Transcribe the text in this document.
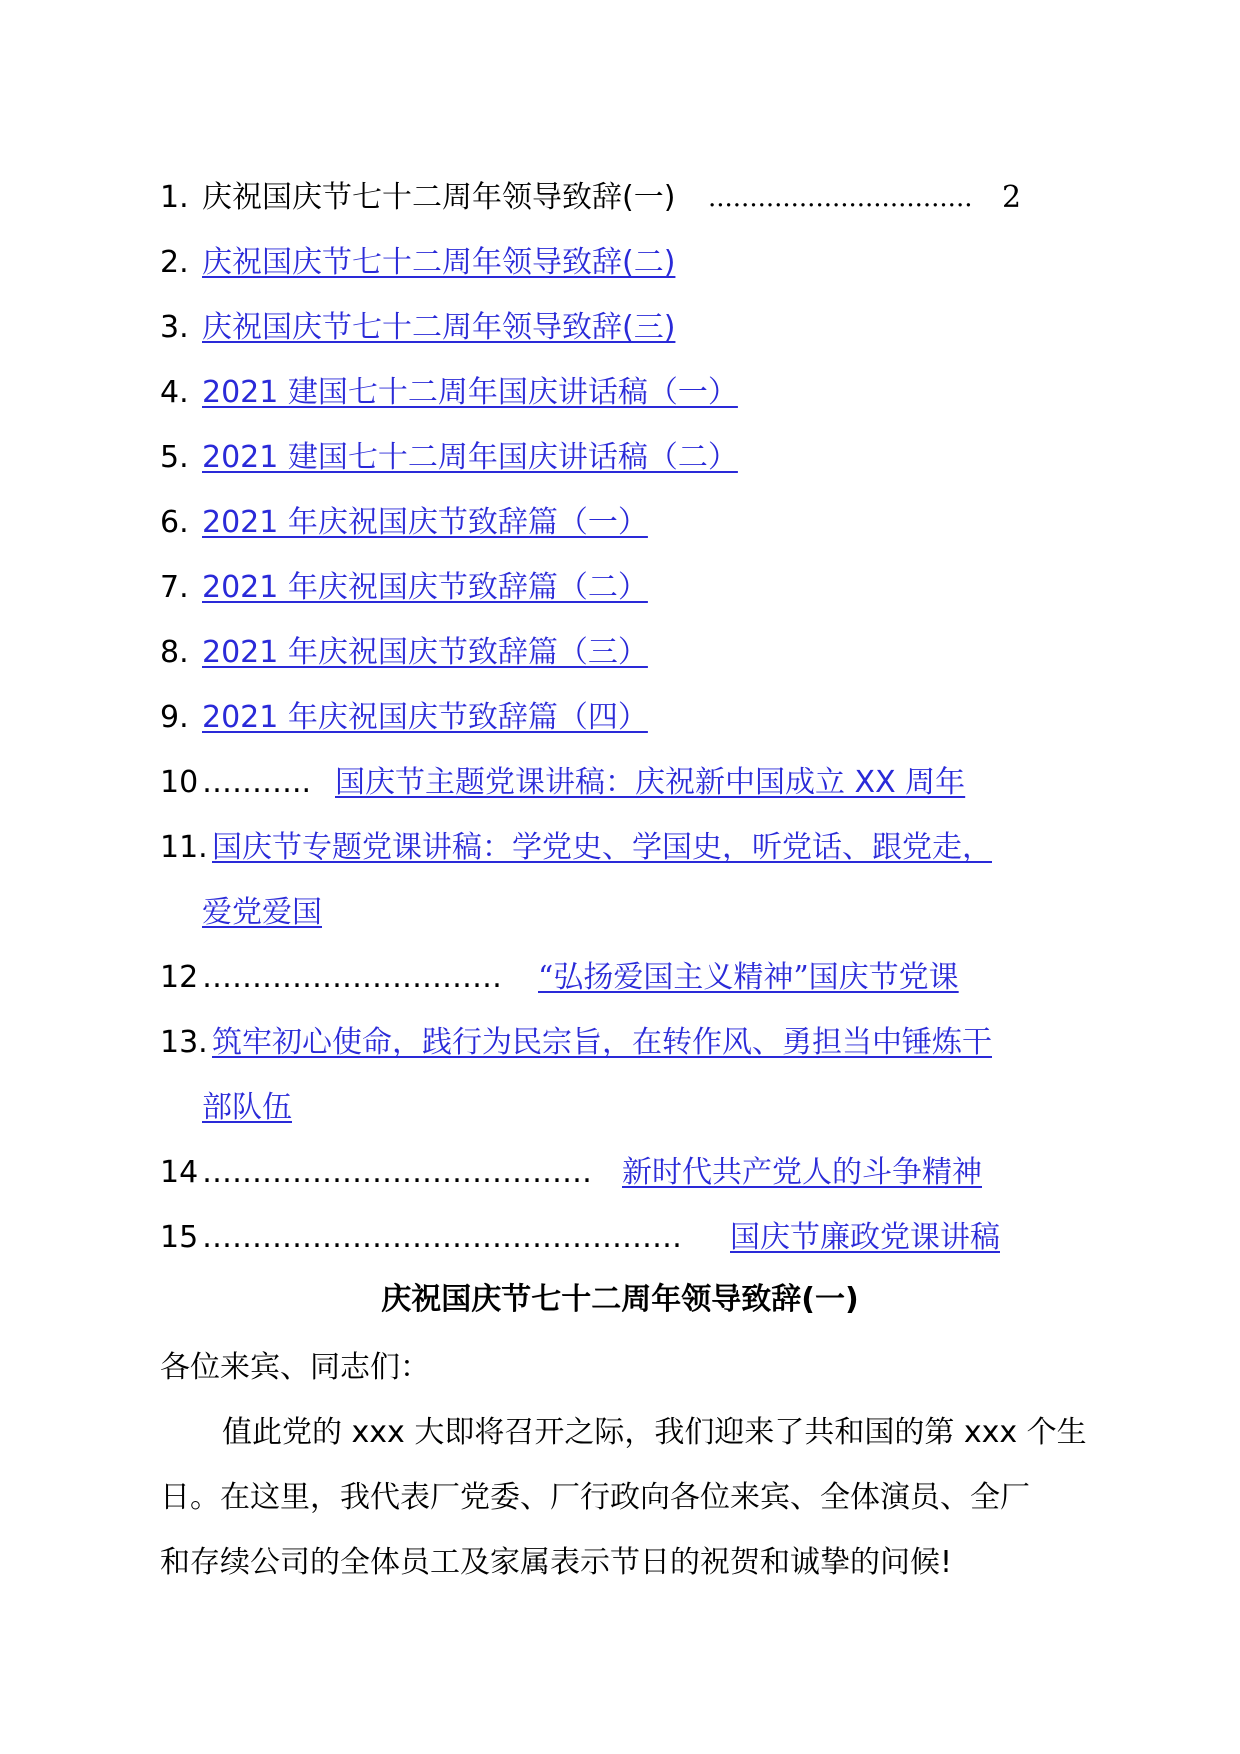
1. 庆祝国庆节七十二周年领导致辞(一) ................................ 2
2. 庆祝国庆节七十二周年领导致辞(二)
3. 庆祝国庆节七十二周年领导致辞(三)
4. 2021 建国七十二周年国庆讲话稿（一）
5. 2021 建国七十二周年国庆讲话稿（二）
6. 2021 年庆祝国庆节致辞篇（一）
7. 2021 年庆祝国庆节致辞篇（二）
8. 2021 年庆祝国庆节致辞篇（三）
9. 2021 年庆祝国庆节致辞篇（四）
10 ……….. 国庆节主题党课讲稿：庆祝新中国成立 XX 周年
11. 国庆节专题党课讲稿：学党史、学国史，听党话、跟党走，
爱党爱国
12 ………………………… “弘扬爱国主义精神”国庆节党课
13. 筑牢初心使命，践行为民宗旨，在转作风、勇担当中锤炼干
部队伍
14 ………………………………… 新时代共产党人的斗争精神
15 ………………………………………… 国庆节廉政党课讲稿
庆祝国庆节七十二周年领导致辞(一)
各位来宾、同志们：
值此党的 xxx 大即将召开之际，我们迎来了共和国的第 xxx 个生
日。在这里，我代表厂党委、厂行政向各位来宾、全体演员、全厂
和存续公司的全体员工及家属表示节日的祝贺和诚挚的问候!
